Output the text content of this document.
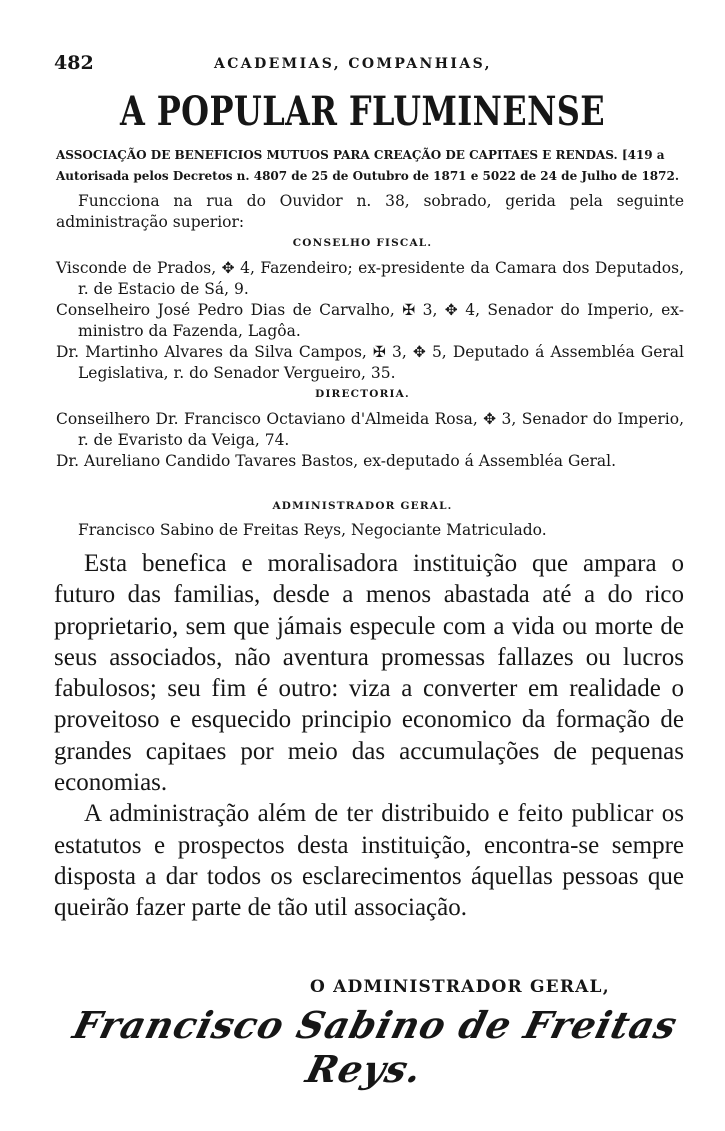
482	ACADEMIAS, COMPANHIAS,
A POPULAR FLUMINENSE
ASSOCIAÇÃO DE BENEFICIOS MUTUOS PARA CREAÇÃO DE CAPITAES E RENDAS. [419 a
Autorisada pelos Decretos n. 4807 de 25 de Outubro de 1871 e 5022 de 24 de Julho de 1872.
Funcciona na rua do Ouvidor n. 38, sobrado, gerida pela seguinte administração superior:
CONSELHO FISCAL.
Visconde de Prados, ✥ 4, Fazendeiro; ex-presidente da Camara dos Deputados, r. de Estacio de Sá, 9.
Conselheiro José Pedro Dias de Carvalho, ✠ 3, ✥ 4, Senador do Imperio, ex-ministro da Fazenda, Lagôa.
Dr. Martinho Alvares da Silva Campos, ✠ 3, ✥ 5, Deputado á Assembléa Geral Legislativa, r. do Senador Vergueiro, 35.
DIRECTORIA.
Conseilhero Dr. Francisco Octaviano d'Almeida Rosa, ✥ 3, Senador do Imperio, r. de Evaristo da Veiga, 74.
Dr. Aureliano Candido Tavares Bastos, ex-deputado á Assembléa Geral.
ADMINISTRADOR GERAL.
Francisco Sabino de Freitas Reys, Negociante Matriculado.

Esta benefica e moralisadora instituição que ampara o futuro das familias, desde a menos abastada até a do rico proprietario, sem que jámais especule com a vida ou morte de seus associados, não aventura promessas fallazes ou lucros fabulosos; seu fim é outro: viza a converter em realidade o proveitoso e esquecido principio economico da formação de grandes capitaes por meio das accumulações de pequenas economias.

A administração além de ter distribuido e feito publicar os estatutos e prospectos desta instituição, encontra-se sempre disposta a dar todos os esclarecimentos áquellas pessoas que queirão fazer parte de tão util associação.

O ADMINISTRADOR GERAL,
Francisco Sabino de Freitas Reys.
